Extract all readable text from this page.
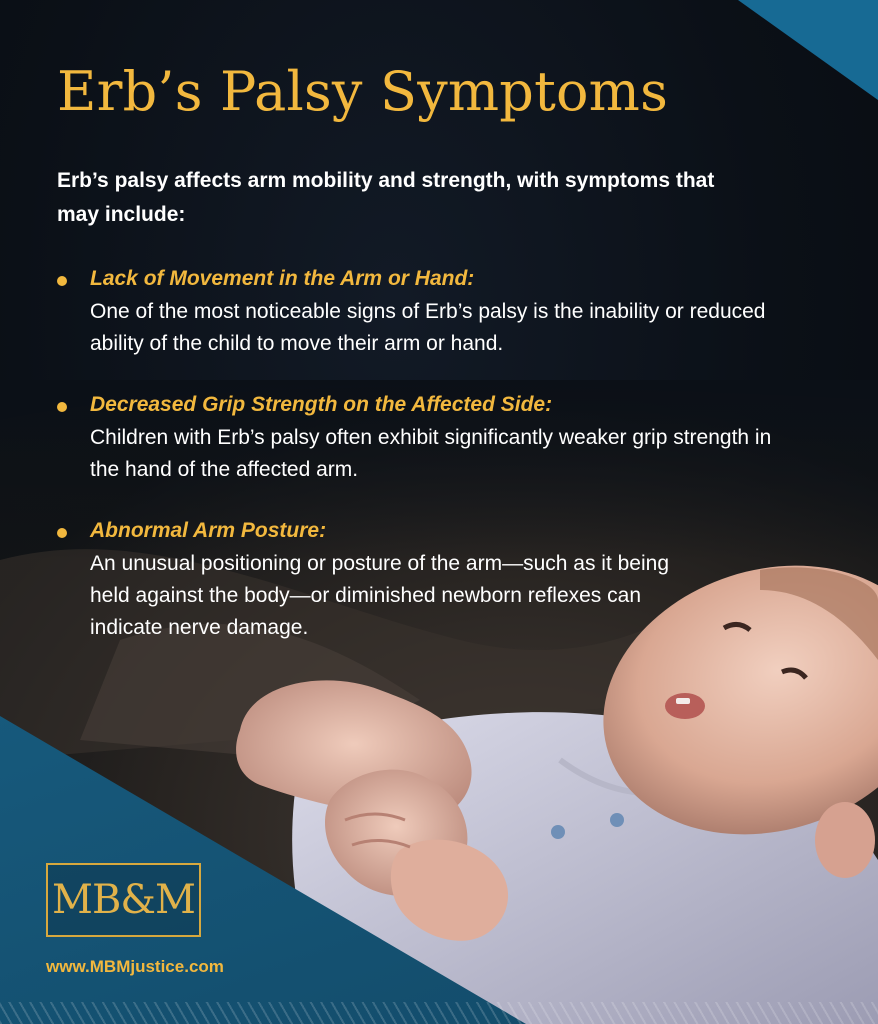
Erb’s Palsy Symptoms

Erb’s palsy affects arm mobility and strength, with symptoms that may include:

Lack of Movement in the Arm or Hand:
One of the most noticeable signs of Erb’s palsy is the inability or reduced ability of the child to move their arm or hand.
Decreased Grip Strength on the Affected Side:
Children with Erb’s palsy often exhibit significantly weaker grip strength in the hand of the affected arm.
Abnormal Arm Posture:
An unusual positioning or posture of the arm—such as it being held against the body—or diminished newborn reflexes can indicate nerve damage.
MB&M
www.MBMjustice.com
